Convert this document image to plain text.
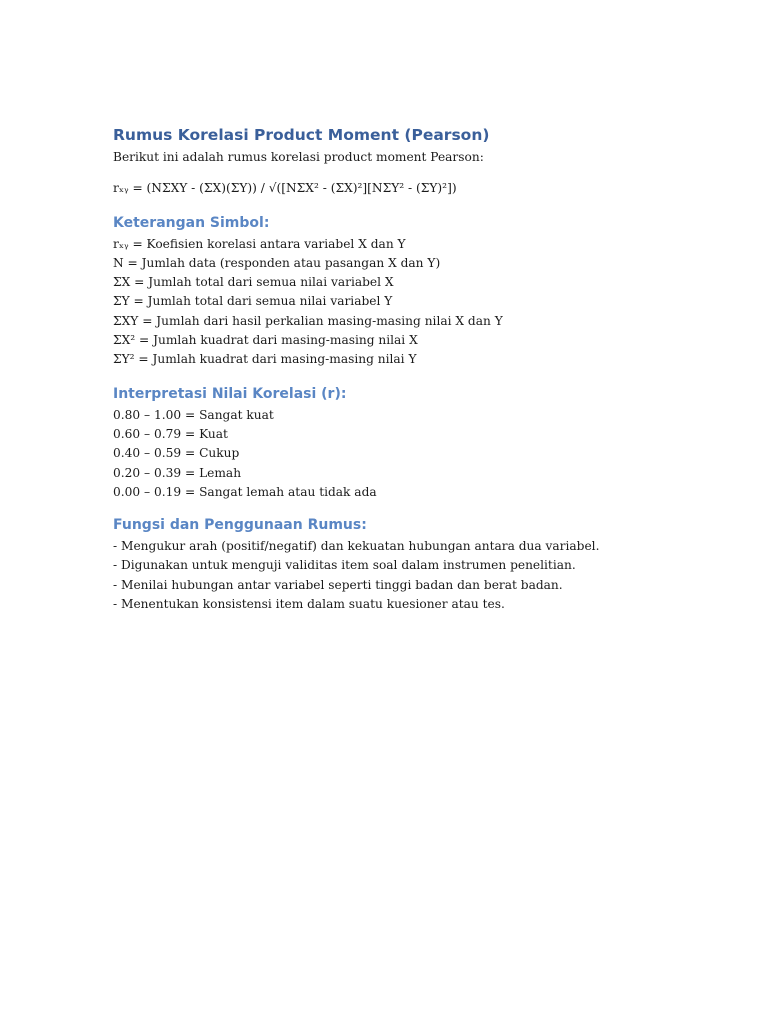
Rumus Korelasi Product Moment (Pearson)

Berikut ini adalah rumus korelasi product moment Pearson:

rₓᵧ = (NΣXY - (ΣX)(ΣY)) / √([NΣX² - (ΣX)²][NΣY² - (ΣY)²])

Keterangan Simbol:

rₓᵧ = Koefisien korelasi antara variabel X dan Y

N = Jumlah data (responden atau pasangan X dan Y)

ΣX = Jumlah total dari semua nilai variabel X

ΣY = Jumlah total dari semua nilai variabel Y

ΣXY = Jumlah dari hasil perkalian masing-masing nilai X dan Y

ΣX² = Jumlah kuadrat dari masing-masing nilai X

ΣY² = Jumlah kuadrat dari masing-masing nilai Y

Interpretasi Nilai Korelasi (r):

0.80 – 1.00 = Sangat kuat

0.60 – 0.79 = Kuat

0.40 – 0.59 = Cukup

0.20 – 0.39 = Lemah

0.00 – 0.19 = Sangat lemah atau tidak ada

Fungsi dan Penggunaan Rumus:

- Mengukur arah (positif/negatif) dan kekuatan hubungan antara dua variabel.

- Digunakan untuk menguji validitas item soal dalam instrumen penelitian.

- Menilai hubungan antar variabel seperti tinggi badan dan berat badan.

- Menentukan konsistensi item dalam suatu kuesioner atau tes.
